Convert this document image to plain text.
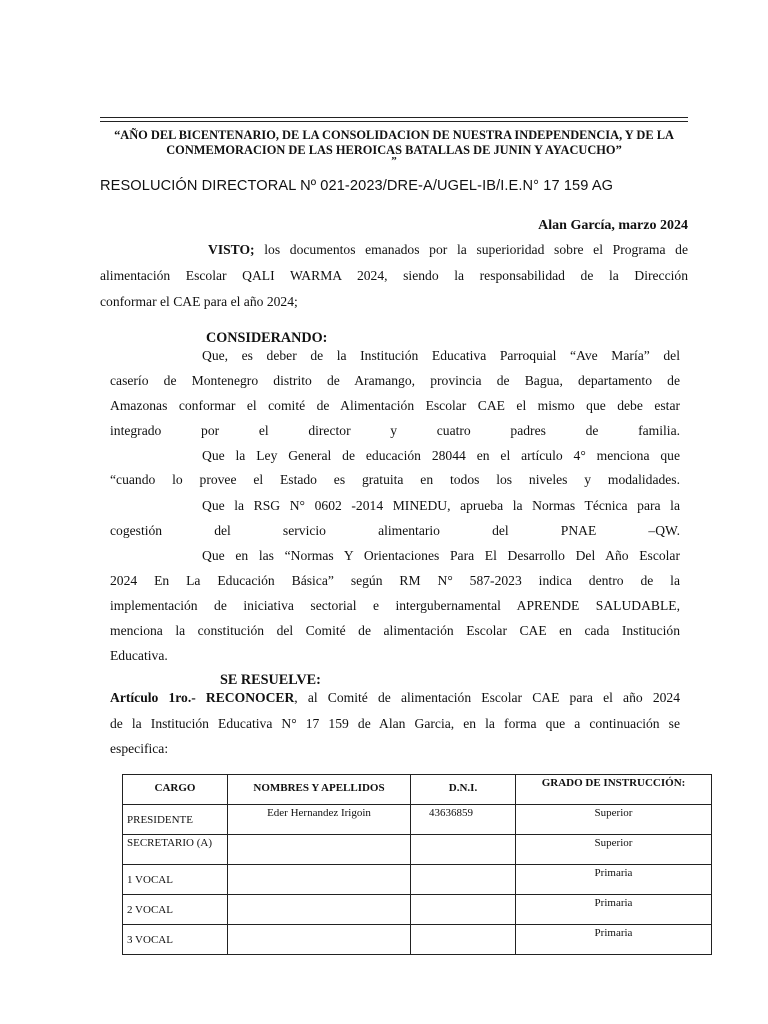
“AÑO DEL BICENTENARIO, DE LA CONSOLIDACION DE NUESTRA INDEPENDENCIA, Y DE LA
CONMEMORACION DE LAS HEROICAS BATALLAS DE JUNIN Y AYACUCHO”
”
RESOLUCIÓN DIRECTORAL Nº 021-2023/DRE-A/UGEL-IB/I.E.N° 17 159 AG
Alan García, marzo 2024
VISTO; los documentos emanados por la superioridad sobre el Programa de
alimentación Escolar QALI WARMA 2024, siendo la responsabilidad de la Dirección
conformar el CAE para el año 2024;
CONSIDERANDO:
Que, es deber de la Institución Educativa Parroquial “Ave María” del
caserío de Montenegro distrito de Aramango, provincia de Bagua, departamento de
Amazonas conformar el comité de Alimentación Escolar CAE el mismo que debe estar
integrado por el director y cuatro padres de familia.
Que la Ley General de educación 28044 en el artículo 4° menciona que
“cuando lo provee el Estado es gratuita en todos los niveles y modalidades.
Que la RSG N° 0602 -2014 MINEDU, aprueba la Normas Técnica para la
cogestión del servicio alimentario del PNAE –QW.
Que en las “Normas Y Orientaciones Para El Desarrollo Del Año Escolar
2024 En La Educación Básica” según RM N° 587-2023 indica dentro de la
implementación de iniciativa sectorial e intergubernamental APRENDE SALUDABLE,
menciona la constitución del Comité de alimentación Escolar CAE en cada Institución
Educativa.
SE RESUELVE:
Artículo 1ro.- RECONOCER, al Comité de alimentación Escolar CAE para el año 2024
de la Institución Educativa N° 17 159 de Alan Garcia, en la forma que a continuación se
especifica:
CARGO	NOMBRES Y APELLIDOS	D.N.I.	GRADO DE INSTRUCCIÓN:

PRESIDENTE	Eder Hernandez Irigoin	43636859	Superior

SECRETARIO (A)			Superior

1 VOCAL			Primaria

2 VOCAL			Primaria

3 VOCAL			Primaria
